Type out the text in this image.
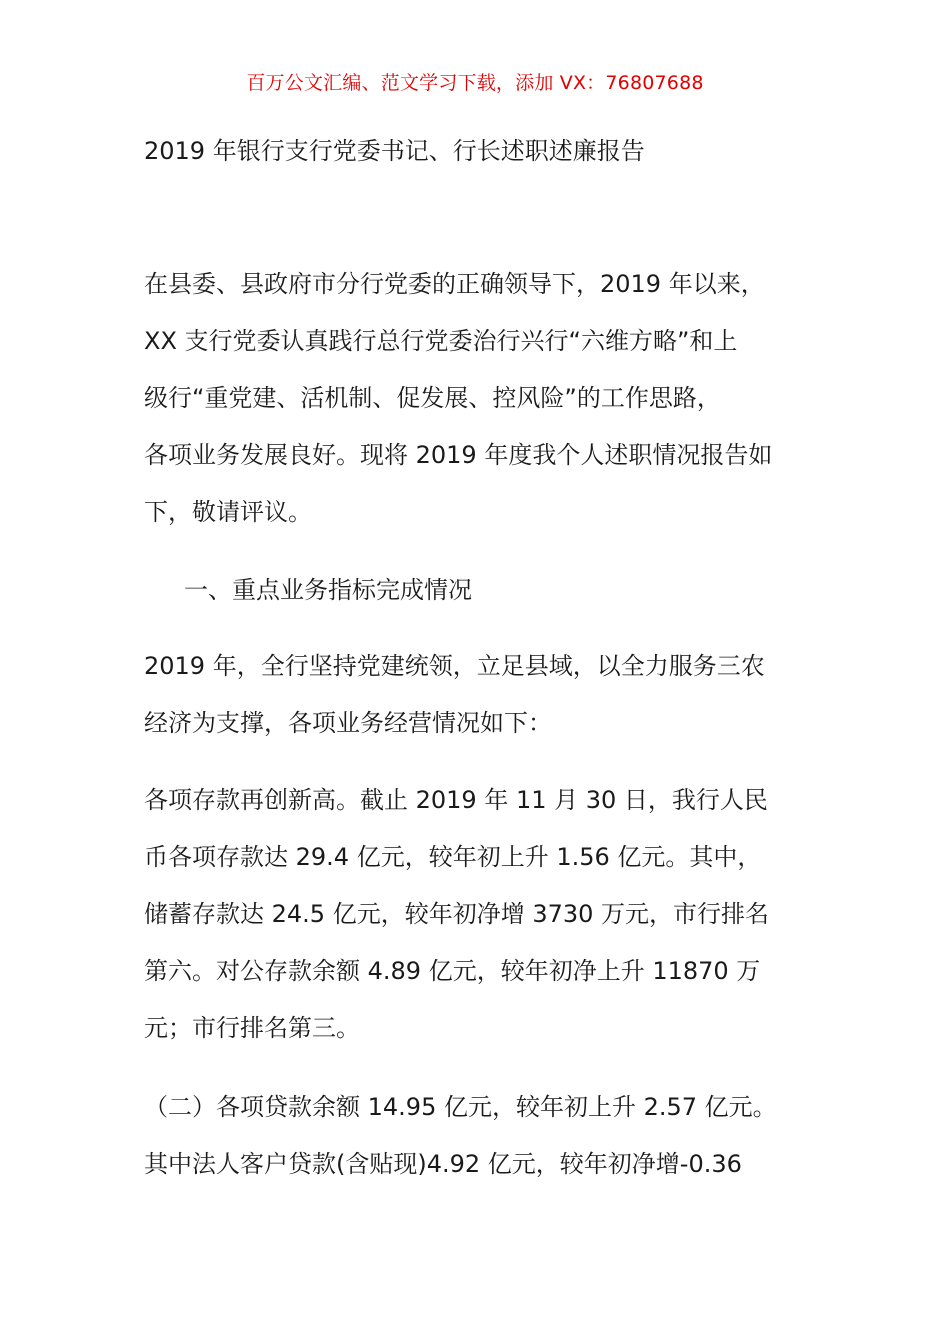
百万公文汇编、范文学习下载，添加 VX：76807688
2019 年银行支行党委书记、行长述职述廉报告
在县委、县政府市分行党委的正确领导下，2019 年以来，
XX 支行党委认真践行总行党委治行兴行“六维方略”和上
级行“重党建、活机制、促发展、控风险”的工作思路，
各项业务发展良好。现将 2019 年度我个人述职情况报告如
下，敬请评议。
一、重点业务指标完成情况
2019 年，全行坚持党建统领，立足县域，以全力服务三农
经济为支撑，各项业务经营情况如下：
各项存款再创新高。截止 2019 年 11 月 30 日，我行人民
币各项存款达 29.4 亿元，较年初上升 1.56 亿元。其中，
储蓄存款达 24.5 亿元，较年初净增 3730 万元，市行排名
第六。对公存款余额 4.89 亿元，较年初净上升 11870 万
元；市行排名第三。
（二）各项贷款余额 14.95 亿元，较年初上升 2.57 亿元。
其中法人客户贷款(含贴现)4.92 亿元，较年初净增-0.36
